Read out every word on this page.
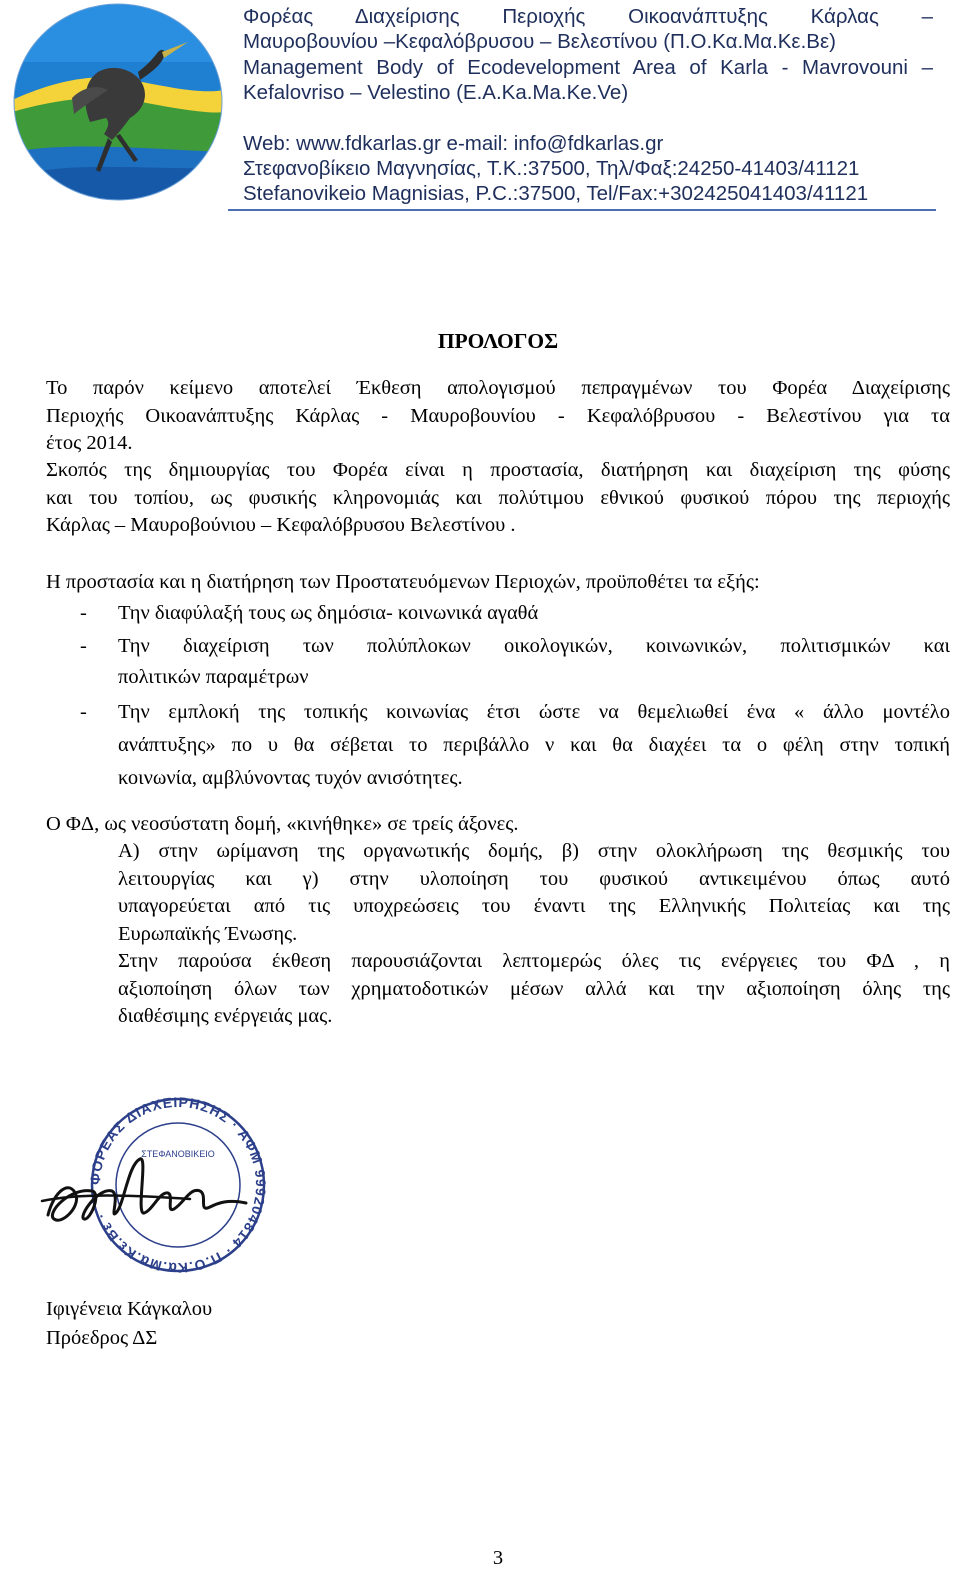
Φορέας Διαχείρισης Περιοχής Οικοανάπτυξης Κάρλας –
Μαυροβουνίου –Κεφαλόβρυσου – Βελεστίνου (Π.Ο.Κα.Μα.Κε.Βε)
Management Body of Ecodevelopment Area of Karla - Mavrovouni –
Kefalovriso – Velestino (E.A.Ka.Ma.Ke.Ve)
Web: www.fdkarlas.gr e-mail: info@fdkarlas.gr
Στεφανοβίκειο Μαγνησίας, Τ.Κ.:37500, Τηλ/Φαξ:24250-41403/41121
Stefanovikeio Magnisias, P.C.:37500, Tel/Fax:+302425041403/41121
ΠΡΟΛΟΓΟΣ
Το παρόν κείμενο αποτελεί Έκθεση απολογισμού πεπραγμένων του Φορέα Διαχείρισης
Περιοχής Οικοανάπτυξης Κάρλας - Μαυροβουνίου - Κεφαλόβρυσου - Βελεστίνου για τα
έτος 2014.
Σκοπός της δημιουργίας του Φορέα είναι η προστασία, διατήρηση και διαχείριση της φύσης
και του τοπίου, ως φυσικής κληρονομιάς και πολύτιμου εθνικού φυσικού πόρου της περιοχής
Κάρλας – Μαυροβούνιου – Κεφαλόβρυσου Βελεστίνου .
Η προστασία και η διατήρηση των Προστατευόμενων Περιοχών, προϋποθέτει τα εξής:
- Την διαφύλαξή τους ως δημόσια- κοινωνικά αγαθά
- Την διαχείριση των πολύπλοκων οικολογικών, κοινωνικών, πολιτισμικών και
πολιτικών παραμέτρων
- Την εμπλοκή της τοπικής κοινωνίας έτσι ώστε να θεμελιωθεί ένα « άλλο μοντέλο
ανάπτυξης» πο υ θα σέβεται το περιβάλλο ν και θα διαχέει τα ο φέλη στην τοπική
κοινωνία, αμβλύνοντας τυχόν ανισότητες.
Ο ΦΔ, ως νεοσύστατη δομή, «κινήθηκε» σε τρείς άξονες.
Α) στην ωρίμανση της οργανωτικής δομής, β) στην ολοκλήρωση της θεσμικής του
λειτουργίας και γ) στην υλοποίηση του φυσικού αντικειμένου όπως αυτό
υπαγορεύεται από τις υποχρεώσεις του έναντι της Ελληνικής Πολιτείας και της
Ευρωπαϊκής Ένωσης.
Στην παρούσα έκθεση παρουσιάζονται λεπτομερώς όλες τις ενέργειες του ΦΔ , η
αξιοποίηση όλων των χρηματοδοτικών μέσων αλλά και την αξιοποίηση όλης της
διαθέσιμης ενέργειάς μας.
ΦΟΡΕΑΣ ΔΙΑΧΕΙΡΗΣΗΣ · ΑΦΜ 999204814 · Π.Ο.Κα.Μα.Κε.Βε ·
ΣΤΕΦΑΝΟΒΙΚΕΙΟ
Ιφιγένεια Κάγκαλου
Πρόεδρος ΔΣ
3
